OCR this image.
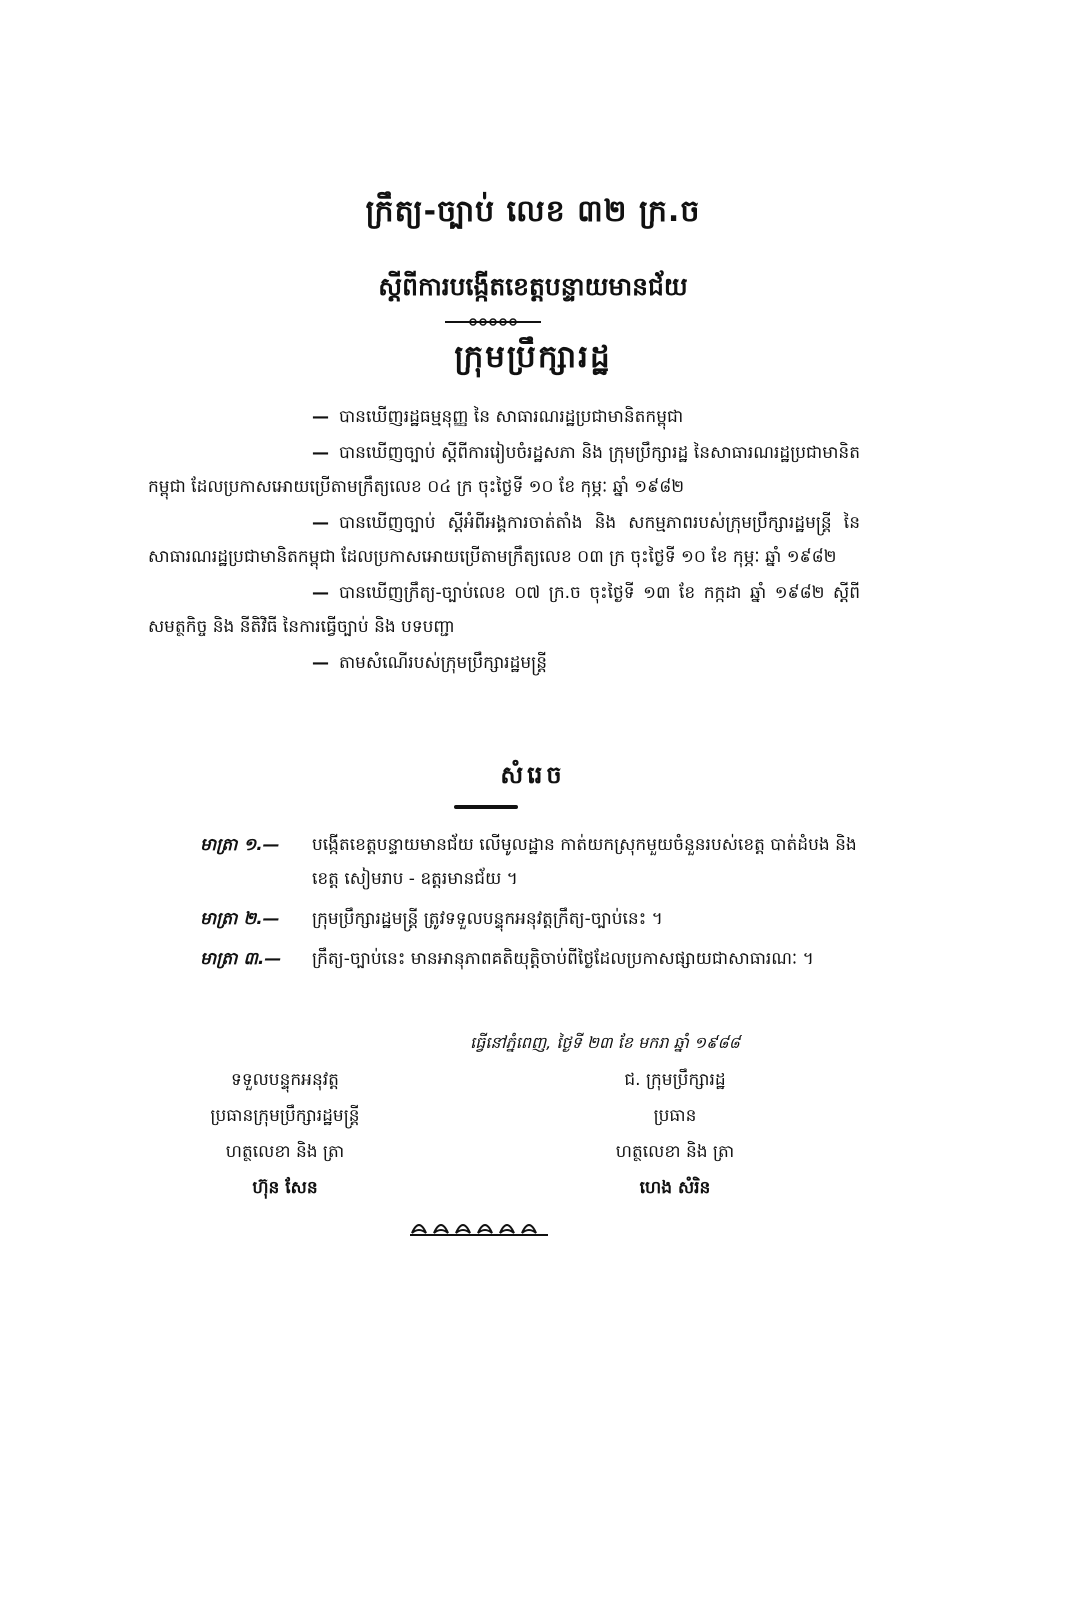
ក្រឹត្យ-ច្បាប់ លេខ ៣២ ក្រ.ច
ស្ដីពីការបង្កើតខេត្តបន្ទាយមានជ័យ
ក្រុមប្រឹក្សារដ្ឋ

— បានឃើញរដ្ឋធម្មនុញ្ញ នៃ សាធារណរដ្ឋប្រជាមានិតកម្ពុជា

— បានឃើញច្បាប់ ស្ដីពីការរៀបចំរដ្ឋសភា និង ក្រុមប្រឹក្សារដ្ឋ នៃសាធារណរដ្ឋប្រជាមានិតកម្ពុជា ដែលប្រកាសអោយប្រើតាមក្រឹត្យលេខ ០៤ ក្រ ចុះថ្ងៃទី ១០ ខែ កុម្ភៈ ឆ្នាំ ១៩៨២

— បានឃើញច្បាប់ ស្ដីអំពីអង្គការចាត់តាំង និង សកម្មភាពរបស់ក្រុមប្រឹក្សារដ្ឋមន្ត្រី នៃសាធារណរដ្ឋប្រជាមានិតកម្ពុជា ដែលប្រកាសអោយប្រើតាមក្រឹត្យលេខ ០៣ ក្រ ចុះថ្ងៃទី ១០ ខែ កុម្ភៈ ឆ្នាំ ១៩៨២

— បានឃើញក្រឹត្យ-ច្បាប់លេខ ០៧ ក្រ.ច ចុះថ្ងៃទី ១៣ ខែ កក្កដា ឆ្នាំ ១៩៨២ ស្ដីពីសមត្ថកិច្ច និង នីតិវិធី នៃការធ្វើច្បាប់ និង បទបញ្ជា

— តាមសំណើរបស់ក្រុមប្រឹក្សារដ្ឋមន្ត្រី

សំរេច
មាត្រា ១.—	បង្កើតខេត្តបន្ទាយមានជ័យ លើមូលដ្ឋាន កាត់យកស្រុកមួយចំនួនរបស់ខេត្ត បាត់ដំបង និង ខេត្ត សៀមរាប - ឧត្តរមានជ័យ ។
មាត្រា ២.—	ក្រុមប្រឹក្សារដ្ឋមន្ត្រី ត្រូវទទួលបន្ទុកអនុវត្តក្រឹត្យ-ច្បាប់នេះ ។
មាត្រា ៣.—	ក្រឹត្យ-ច្បាប់នេះ មានអានុភាពគតិយុត្តិចាប់ពីថ្ងៃដែលប្រកាសផ្សាយជាសាធារណៈ ។
ធ្វើនៅភ្នំពេញ, ថ្ងៃទី ២៣ ខែ មករា ឆ្នាំ ១៩៨៨
ទទួលបន្ទុកអនុវត្ត
ប្រធានក្រុមប្រឹក្សារដ្ឋមន្ត្រី
ហត្ថលេខា និង ត្រា
ហ៊ុន សែន
ជ. ក្រុមប្រឹក្សារដ្ឋ
ប្រធាន
ហត្ថលេខា និង ត្រា
ហេង សំរិន
